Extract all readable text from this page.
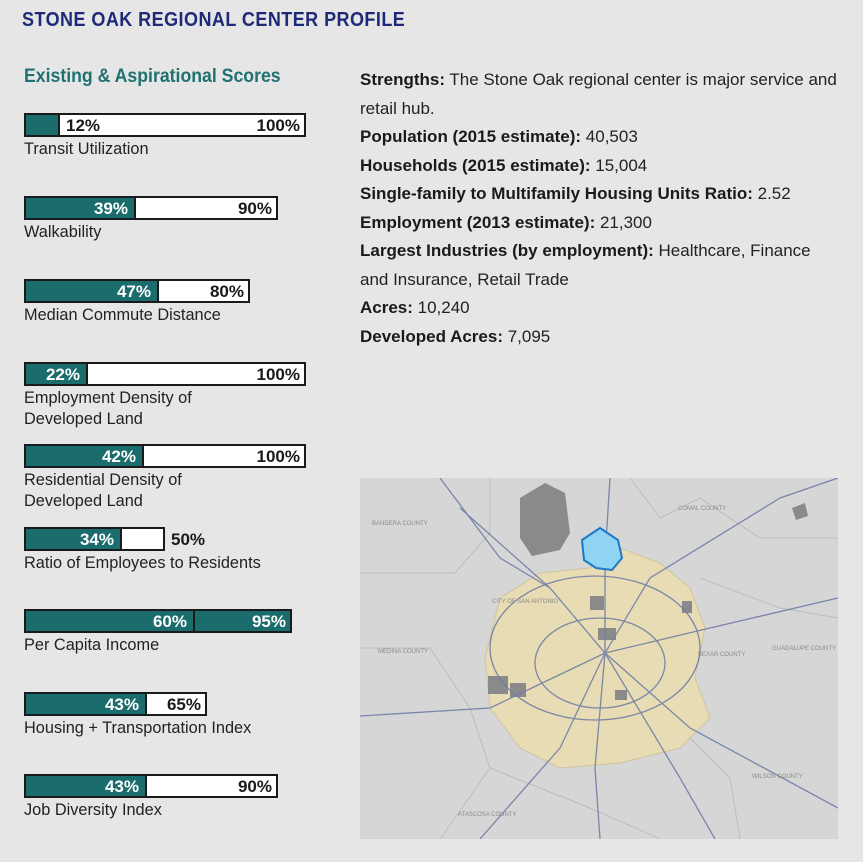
STONE OAK REGIONAL CENTER PROFILE
Existing & Aspirational Scores
12%	100%
Transit Utilization
39%	90%
Walkability
47%	80%
Median Commute Distance
22%	100%
Employment Density of
Developed Land
42%	100%
Residential Density of
Developed Land
34%	50%
Ratio of Employees to Residents
60%	95%
Per Capita Income
43% 65%
Housing + Transportation Index
43%	90%
Job Diversity Index
Strengths: The Stone Oak regional center is major service and retail hub.
Population (2015 estimate): 40,503
Households (2015 estimate): 15,004
Single-family to Multifamily Housing Units Ratio: 2.52
Employment (2013 estimate): 21,300
Largest Industries (by employment): Healthcare, Finance and Insurance, Retail Trade
Acres: 10,240
Developed Acres: 7,095
BANDERA COUNTY
COMAL COUNTY
MEDINA COUNTY	BEXAR COUNTY
GUADALUPE COUNTY
WILSON COUNTY
ATASCOSA COUNTY
CITY OF SAN ANTONIO
